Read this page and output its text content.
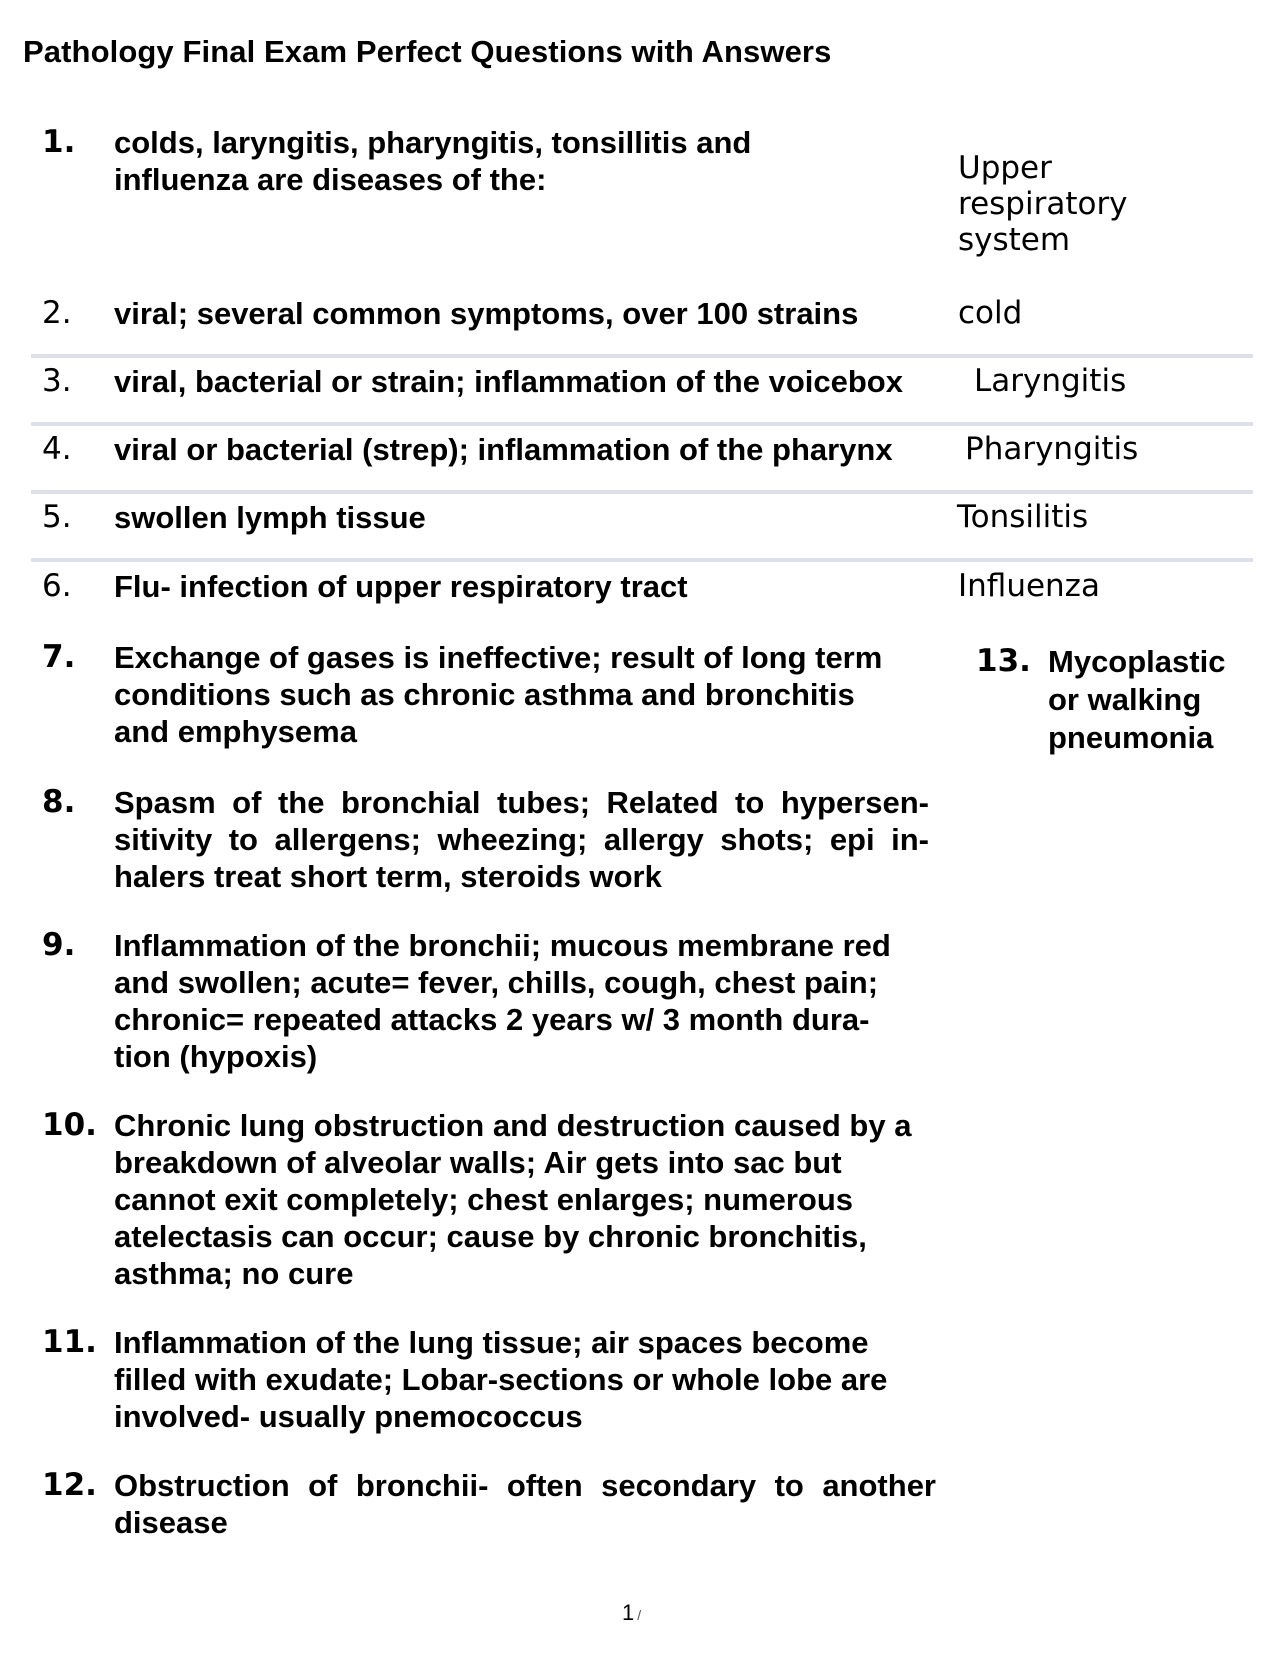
Pathology Final Exam Perfect Questions with Answers
1. colds, laryngitis, pharyngitis, tonsillitis and influenza are diseases of the:	Upper respiratory system
2. viral; several common symptoms, over 100 strains	cold
3. viral, bacterial or strain; inflammation of the voicebox Laryngitis
4. viral or bacterial (strep); inflammation of the pharynx Pharyngitis
5. swollen lymph tissue	Tonsilitis
6. Flu- infection of upper respiratory tract	Influenza
7. Exchange of gases is ineffective; result of long term conditions such as chronic asthma and bronchitis and emphysema
13. Mycoplastic or walking pneumonia
8. Spasm of the bronchial tubes; Related to hypersen- sitivity to allergens; wheezing; allergy shots; epi in- halers treat short term, steroids work
9. Inflammation of the bronchii; mucous membrane red and swollen; acute= fever, chills, cough, chest pain; chronic= repeated attacks 2 years w/ 3 month dura- tion (hypoxis)
10. Chronic lung obstruction and destruction caused by a breakdown of alveolar walls; Air gets into sac but cannot exit completely; chest enlarges; numerous atelectasis can occur; cause by chronic bronchitis, asthma; no cure
11. Inflammation of the lung tissue; air spaces become filled with exudate; Lobar-sections or whole lobe are involved- usually pnemococcus
12. Obstruction of bronchii- often secondary to another disease
1 /
